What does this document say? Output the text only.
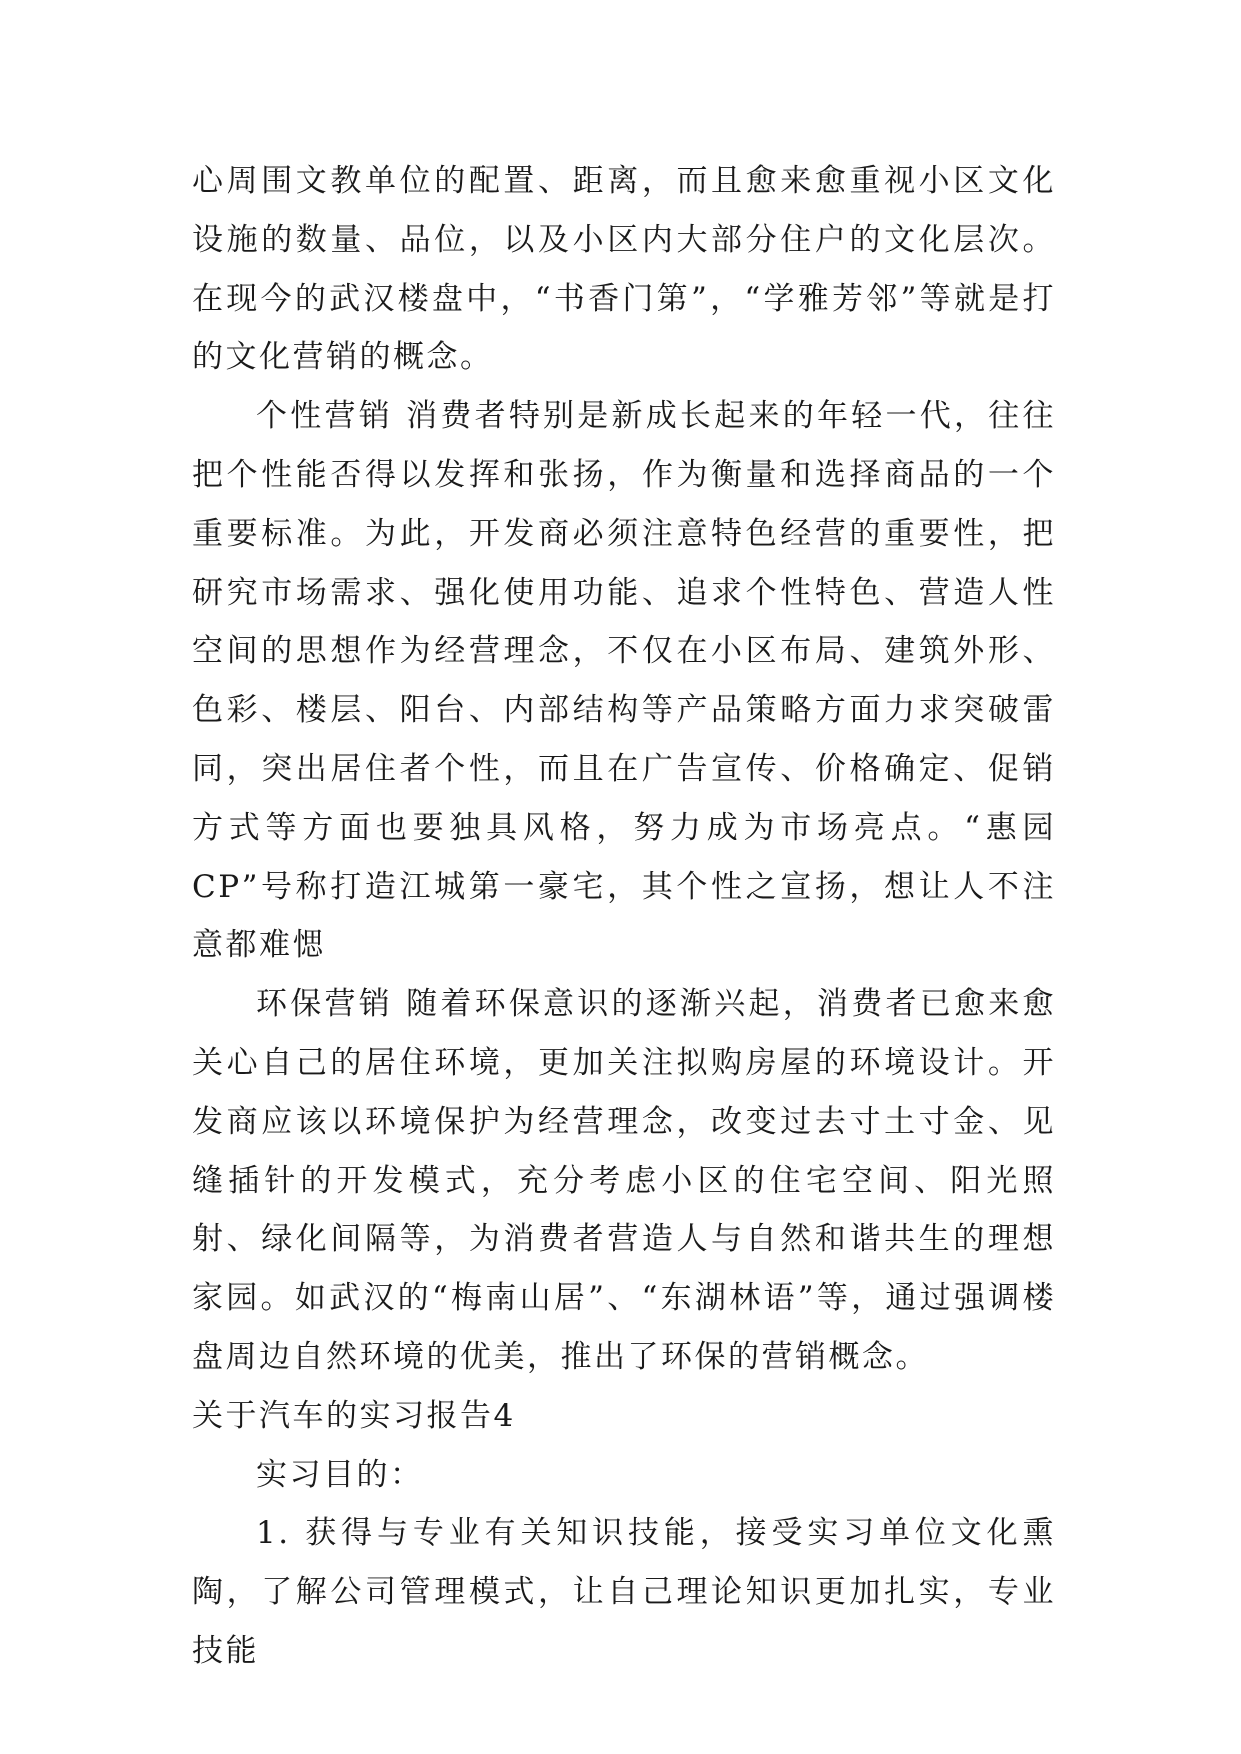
心周围文教单位的配置、距离，而且愈来愈重视小区文化设施的数量、品位，以及小区内大部分住户的文化层次。在现今的武汉楼盘中，“书香门第”，“学雅芳邻”等就是打的文化营销的概念。

个性营销 消费者特别是新成长起来的年轻一代，往往把个性能否得以发挥和张扬，作为衡量和选择商品的一个重要标准。为此，开发商必须注意特色经营的重要性，把研究市场需求、强化使用功能、追求个性特色、营造人性空间的思想作为经营理念，不仅在小区布局、建筑外形、色彩、楼层、阳台、内部结构等产品策略方面力求突破雷同，突出居住者个性，而且在广告宣传、价格确定、促销方式等方面也要独具风格，努力成为市场亮点。“惠园CP”号称打造江城第一豪宅，其个性之宣扬，想让人不注意都难愢

环保营销 随着环保意识的逐渐兴起，消费者已愈来愈关心自己的居住环境，更加关注拟购房屋的环境设计。开发商应该以环境保护为经营理念，改变过去寸土寸金、见缝插针的开发模式，充分考虑小区的住宅空间、阳光照射、绿化间隔等，为消费者营造人与自然和谐共生的理想家园。如武汉的“梅南山居”、“东湖林语”等，通过强调楼盘周边自然环境的优美，推出了环保的营销概念。

关于汽车的实习报告4

实习目的：

1. 获得与专业有关知识技能，接受实习单位文化熏陶，了解公司管理模式，让自己理论知识更加扎实，专业技能
